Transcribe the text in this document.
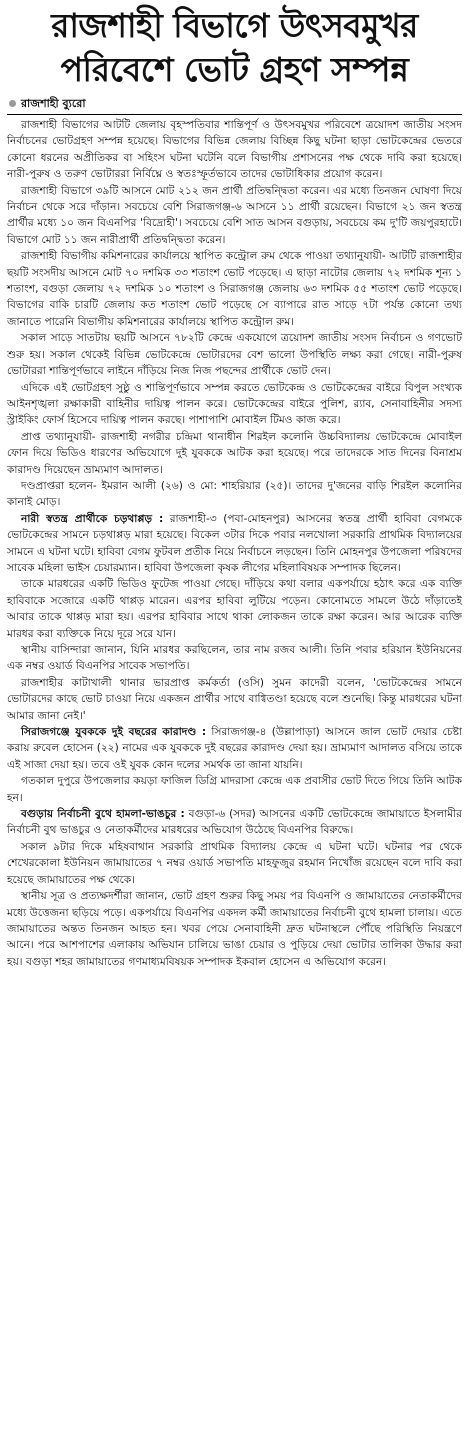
রাজশাহী বিভাগে উৎসবমুখর
পরিবেশে ভোট গ্রহণ সম্পন্ন
রাজশাহী ব্যুরো

রাজশাহী বিভাগের আটটি জেলায় বৃহস্পতিবার শান্তিপূর্ণ ও উৎসবমুখর পরিবেশে ত্রয়োদশ জাতীয় সংসদ নির্বাচনের ভোটগ্রহণ সম্পন্ন হয়েছে। বিভাগের বিভিন্ন জেলায় বিচ্ছিন্ন কিছু ঘটনা ছাড়া ভোটকেন্দ্রের ভেতরে কোনো ধরনের অপ্রীতিকর বা সহিংস ঘটনা ঘটেনি বলে বিভাগীয় প্রশাসনের পক্ষ থেকে দাবি করা হয়েছে। নারী-পুরুষ ও তরুণ ভোটাররা নির্বিঘ্নে ও স্বতঃস্ফূর্তভাবে তাদের ভোটাধিকার প্রয়োগ করেন।

রাজশাহী বিভাগে ৩৯টি আসনে মোট ২১২ জন প্রার্থী প্রতিদ্বন্দ্বিতা করেন। এর মধ্যে তিনজন ঘোষণা দিয়ে নির্বাচন থেকে সরে দাঁড়ান। সবচেয়ে বেশি সিরাজগঞ্জ-৬ আসনে ১১ প্রার্থী রয়েছেন। বিভাগে ২১ জন স্বতন্ত্র প্রার্থীর মধ্যে ১০ জন বিএনপির 'বিদ্রোহী'। সবচেয়ে বেশি সাত আসন বগুড়ায়, সবচেয়ে কম দু'টি জয়পুরহাটে। বিভাগে মোট ১১ জন নারীপ্রার্থী প্রতিদ্বন্দ্বিতা করেন।

রাজশাহী বিভাগীয় কমিশনারের কার্যালয়ে স্থাপিত কন্ট্রোল রুম থেকে পাওয়া তথ্যানুযায়ী- আটটি রাজশাহীর ছয়টি সংসদীয় আসনে মোট ৭০ দশমিক ৩৩ শতাংশ ভোট পড়েছে। এ ছাড়া নাটোর জেলায় ৭২ দশমিক শূন্য ১ শতাংশ, বগুড়া জেলায় ৭২ দশমিক ১০ শতাংশ ও সিরাজগঞ্জ জেলায় ৬৩ দশমিক ৫৫ শতাংশ ভোট পড়েছে। বিভাগের বাকি চারটি জেলায় কত শতাংশ ভোট পড়েছে সে ব্যাপারে রাত সাড়ে ৭টা পর্যন্ত কোনো তথ্য জানাতে পারেনি বিভাগীয় কমিশনারের কার্যালয়ে স্থাপিত কন্ট্রোল রুম।

সকাল সাড়ে সাতটায় ছয়টি আসনে ৭৮২টি কেন্দ্রে একযোগে ত্রয়োদশ জাতীয় সংসদ নির্বাচন ও গণভোট শুরু হয়। সকাল থেকেই বিভিন্ন ভোটকেন্দ্রে ভোটারদের বেশ ভালো উপস্থিতি লক্ষ্য করা গেছে। নারী-পুরুষ ভোটাররা শান্তিপূর্ণভাবে লাইনে দাঁড়িয়ে নিজ নিজ পছন্দের প্রার্থীকে ভোট দেন।

এদিকে এই ভোটগ্রহণ সুষ্ঠু ও শান্তিপূর্ণভাবে সম্পন্ন করতে ভোটকেন্দ্র ও ভোটকেন্দ্রের বাইরে বিপুল সংখ্যক আইনশৃঙ্খলা রক্ষাকারী বাহিনীর দায়িত্ব পালন করে। ভোটকেন্দ্রের বাইরে পুলিশ, র‍্যাব, সেনাবাহিনীর সদস্য স্ট্রাইকিং ফোর্স হিসেবে দায়িত্ব পালন করছে। পাশাপাশি মোবাইল টিমও কাজ করে।

প্রাপ্ত তথ্যানুযায়ী- রাজশাহী নগরীর চন্দ্রিমা থানাধীন শিরইল কলোনি উচ্চবিদ্যালয় ভোটকেন্দ্রে মোবাইল ফোন দিয়ে ভিডিও ধারণের অভিযোগে দুই যুবককে আটক করা হয়েছে। পরে তাদেরকে সাত দিনের বিনাশ্রম কারাদণ্ড দিয়েছেন ভ্রাম্যমাণ আদালত।

দণ্ডপ্রাপ্তরা হলেন- ইমরান আলী (২৬) ও মো: শাহরিয়ার (২৫)। তাদের দু'জনের বাড়ি শিরইল কলোনির কানাই মোড়।

নারী স্বতন্ত্র প্রার্থীকে চড়থাপ্পড় : রাজশাহী-৩ (পবা-মোহনপুর) আসনের স্বতন্ত্র প্রার্থী হাবিবা বেগমকে ভোটকেন্দ্রের সামনে চড়থাপ্পড় মারা হয়েছে। বিকেল ৩টার দিকে পবার নলখোলা সরকারি প্রাথমিক বিদ্যালয়ের সামনে এ ঘটনা ঘটে। হাবিবা বেগম ফুটবল প্রতীক নিয়ে নির্বাচনে লড়ছেন। তিনি মোহনপুর উপজেলা পরিষদের সাবেক মহিলা ভাইস চেয়ারম্যান। হাবিবা উপজেলা কৃষক লীগের মহিলাবিষয়ক সম্পাদক ছিলেন।

তাকে মারধরের একটি ভিডিও ফুটেজ পাওয়া গেছে। দাঁড়িয়ে কথা বলার একপর্যায়ে হঠাৎ করে এক ব্যক্তি হাবিবাকে সজোরে একটি থাপ্পড় মারেন। এরপর হাবিবা লুটিয়ে পড়েন। কোনোমতে সামলে উঠে দাঁড়াতেই আবার তাকে থাপ্পড় মারা হয়। এরপর হাবিবার সাথে থাকা লোকজন তাকে রক্ষা করেন। আর আরেক ব্যক্তি মারধর করা ব্যক্তিকে নিয়ে দূরে সরে যান।

স্থানীয় বাসিন্দারা জানান, যিনি মারধর করছিলেন, তার নাম রজব আলী। তিনি পবার হরিয়ান ইউনিয়নের এক নম্বর ওয়ার্ড বিএনপির সাবেক সভাপতি।

রাজশাহীর কাটাখালী থানার ভারপ্রাপ্ত কর্মকর্তা (ওসি) সুমন কাদেরী বলেন, 'ভোটকেন্দ্রের সামনে ভোটারদের কাছে ভোট চাওয়া নিয়ে একজন প্রার্থীর সাথে বাগ্বিতণ্ডা হয়েছে বলে শুনেছি। কিন্তু মারধরের ঘটনা আমার জানা নেই।'

সিরাজগঞ্জে যুবককে দুই বছরের কারাদণ্ড : সিরাজগঞ্জ-৪ (উল্লাপাড়া) আসনে জাল ভোট দেয়ার চেষ্টা করায় রুবেল হোসেন (২২) নামের এক যুবককে দুই বছরের কারাদণ্ড দেয়া হয়। ভ্রাম্যমাণ আদালত বসিয়ে তাকে এই সাজা দেয়া হয়। তবে ওই যুবক কোন দলের সমর্থক তা জানা যায়নি।

গতকাল দুপুরে উপজেলার কয়ড়া ফাজিল ডিগ্রি মাদরাসা কেন্দ্রে এক প্রবাসীর ভোট দিতে গিয়ে তিনি আটক হন।

বগুড়ায় নির্বাচনী বুথে হামলা-ভাঙচুর : বগুড়া-৬ (সদর) আসনের একটি ভোটকেন্দ্রে জামায়াতে ইসলামীর নির্বাচনী বুথ ভাঙচুর ও নেতাকর্মীদের মারধরের অভিযোগ উঠেছে বিএনপির বিরুদ্ধে।

সকাল ৯টার দিকে মহিষবাথান সরকারি প্রাথমিক বিদ্যালয় কেন্দ্রে এ ঘটনা ঘটে। ঘটনার পর থেকে শেখেরকোলা ইউনিয়ন জামায়াতের ৭ নম্বর ওয়ার্ড সভাপতি মাহফুজুর রহমান নিখোঁজ রয়েছেন বলে দাবি করা হয়েছে জামায়াতের পক্ষ থেকে।

স্থানীয় সূত্র ও প্রত্যক্ষদর্শীরা জানান, ভোট গ্রহণ শুরুর কিছু সময় পর বিএনপি ও জামায়াতের নেতাকর্মীদের মধ্যে উত্তেজনা ছড়িয়ে পড়ে। একপর্যায়ে বিএনপির একদল কর্মী জামায়াতের নির্বাচনী বুথে হামলা চালায়। এতে জামায়াতের অন্তত তিনজন আহত হন। খবর পেয়ে সেনাবাহিনী দ্রুত ঘটনাস্থলে পৌঁছে পরিস্থিতি নিয়ন্ত্রণে আনে। পরে আশপাশের এলাকায় অভিযান চালিয়ে ভাঙা চেয়ার ও পুড়িয়ে দেয়া ভোটার তালিকা উদ্ধার করা হয়। বগুড়া শহর জামায়াতের গণমাধ্যমবিষয়ক সম্পাদক ইকবাল হোসেন এ অভিযোগ করেন।
